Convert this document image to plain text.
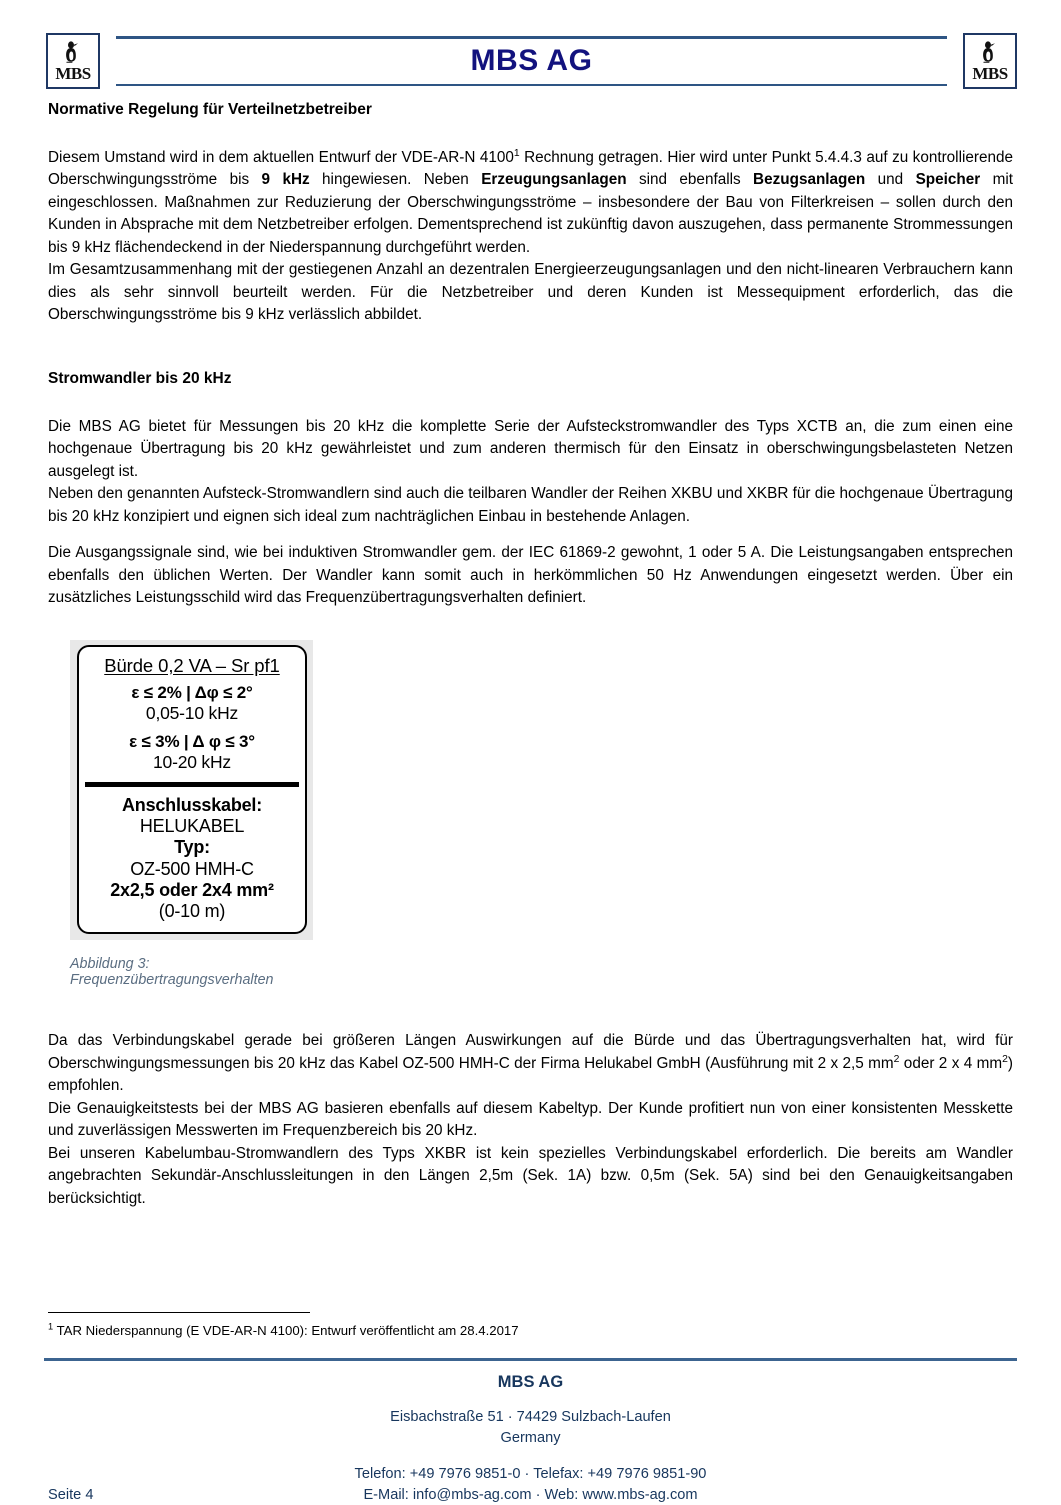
MBS	MBS AG	MBS
Normative Regelung für Verteilnetzbetreiber

Diesem Umstand wird in dem aktuellen Entwurf der VDE-AR-N 4100$^1$ Rechnung getragen. Hier wird unter Punkt 5.4.4.3 auf zu kontrollierende Oberschwingungsströme bis 9 kHz hingewiesen. Neben Erzeugungsanlagen sind ebenfalls Bezugsanlagen und Speicher mit eingeschlossen. Maßnahmen zur Reduzierung der Oberschwingungsströme – insbesondere der Bau von Filterkreisen – sollen durch den Kunden in Absprache mit dem Netzbetreiber erfolgen. Dementsprechend ist zukünftig davon auszugehen, dass permanente Strommessungen bis 9 kHz flächendeckend in der Niederspannung durchgeführt werden.

Im Gesamtzusammenhang mit der gestiegenen Anzahl an dezentralen Energieerzeugungsanlagen und den nicht-linearen Verbrauchern kann dies als sehr sinnvoll beurteilt werden. Für die Netzbetreiber und deren Kunden ist Messequipment erforderlich, das die Oberschwingungsströme bis 9 kHz verlässlich abbildet.

Stromwandler bis 20 kHz

Die MBS AG bietet für Messungen bis 20 kHz die komplette Serie der Aufsteckstromwandler des Typs XCTB an, die zum einen eine hochgenaue Übertragung bis 20 kHz gewährleistet und zum anderen thermisch für den Einsatz in oberschwingungsbelasteten Netzen ausgelegt ist.

Neben den genannten Aufsteck-Stromwandlern sind auch die teilbaren Wandler der Reihen XKBU und XKBR für die hochgenaue Übertragung bis 20 kHz konzipiert und eignen sich ideal zum nachträglichen Einbau in bestehende Anlagen.

Die Ausgangssignale sind, wie bei induktiven Stromwandler gem. der IEC 61869-2 gewohnt, 1 oder 5 A. Die Leistungsangaben entsprechen ebenfalls den üblichen Werten. Der Wandler kann somit auch in herkömmlichen 50 Hz Anwendungen eingesetzt werden. Über ein zusätzliches Leistungsschild wird das Frequenzübertragungsverhalten definiert.

Bürde 0,2 VA – Sr pf1
ε ≤ 2% | Δφ ≤ 2°
0,05-10 kHz
ε ≤ 3% | Δ φ ≤ 3°
10-20 kHz
Anschlusskabel:
HELUKABEL
Typ:
OZ-500 HMH-C
2x2,5 oder 2x4 mm²
(0-10 m)
Abbildung 3: Frequenzübertragungsverhalten

Da das Verbindungskabel gerade bei größeren Längen Auswirkungen auf die Bürde und das Übertragungsverhalten hat, wird für Oberschwingungsmessungen bis 20 kHz das Kabel OZ-500 HMH-C der Firma Helukabel GmbH (Ausführung mit 2 x 2,5 $mm^2$ oder 2 x 4 $mm^2$) empfohlen.

Die Genauigkeitstests bei der MBS AG basieren ebenfalls auf diesem Kabeltyp. Der Kunde profitiert nun von einer konsistenten Messkette und zuverlässigen Messwerten im Frequenzbereich bis 20 kHz.

Bei unseren Kabelumbau-Stromwandlern des Typs XKBR ist kein spezielles Verbindungskabel erforderlich. Die bereits am Wandler angebrachten Sekundär-Anschlussleitungen in den Längen 2,5m (Sek. 1A) bzw. 0,5m (Sek. 5A) sind bei den Genauigkeitsangaben berücksichtigt.

$^1$ TAR Niederspannung (E VDE-AR-N 4100): Entwurf veröffentlicht am 28.4.2017
MBS AG
Eisbachstraße 51 · 74429 Sulzbach-Laufen
Germany
Telefon: +49 7976 9851-0 · Telefax: +49 7976 9851-90
E-Mail: info@mbs-ag.com · Web: www.mbs-ag.com
Seite 4
